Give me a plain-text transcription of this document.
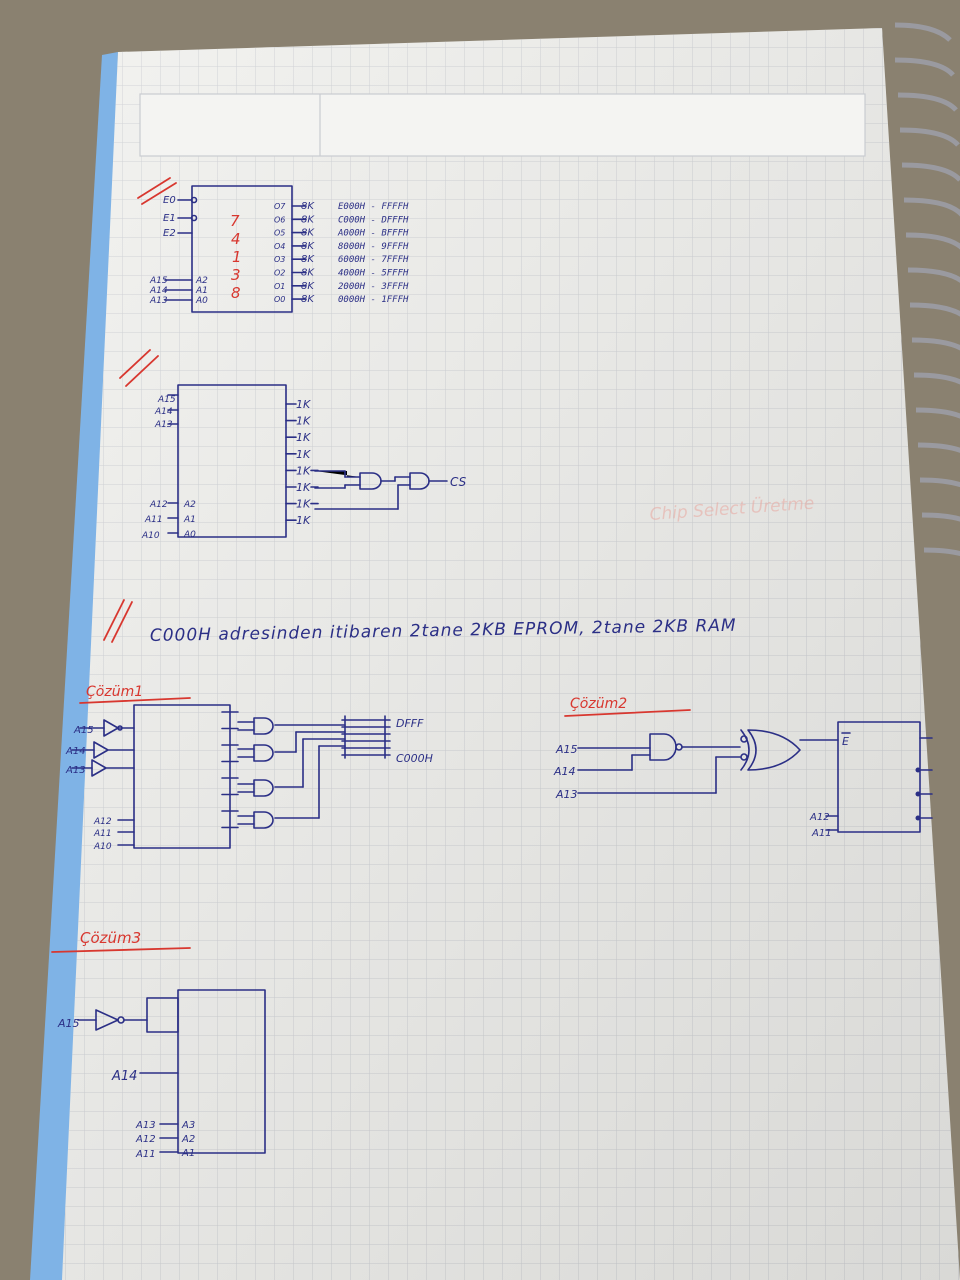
Chip Select Üretme
E0
E1
E2
A15
A14
A13
A2
A1
A0
7
4
1
3
8
O7 8K	E000H - FFFFH
O6 8K	C000H - DFFFH
O5 8K	A000H - BFFFH
O4 8K	8000H - 9FFFH
O3 8K	6000H - 7FFFH
O2 8K	4000H - 5FFFH
O1 8K	2000H - 3FFFH
O0 8K	0000H - 1FFFH
A15
A14
A13
A12
A11
A10
A2
A1
A0
1K
1K
1K
1K
1K
1K
1K
1K
CS
C000H adresinden itibaren 2tane 2KB EPROM, 2tane 2KB RAM
Çözüm1
A15
A14
A13
A12
A11
A10
DFFF
C000H
Çözüm2
E
A15
A14
A13
A12
A11
Çözüm3
A15
A14
A13
A12
A11
A3
A2
A1
